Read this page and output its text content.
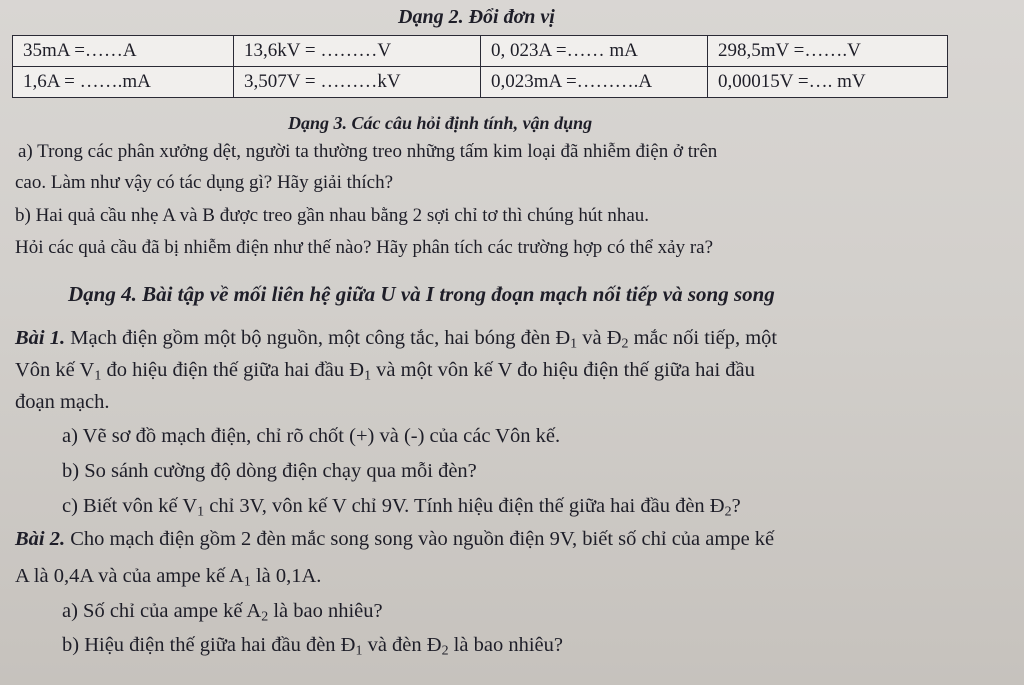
Dạng 2. Đổi đơn vị
35mA =……A	13,6kV = ………V	0, 023A =…… mA	298,5mV =…….V
1,6A = …….mA	3,507V = ………kV	0,023mA =……….A	0,00015V =…. mV
Dạng 3. Các câu hỏi định tính, vận dụng
a) Trong các phân xưởng dệt, người ta thường treo những tấm kim loại đã nhiễm điện ở trên
cao. Làm như vậy có tác dụng gì? Hãy giải thích?
b) Hai quả cầu nhẹ A và B được treo gần nhau bằng 2 sợi chỉ tơ thì chúng hút nhau.
Hỏi các quả cầu đã bị nhiễm điện như thế nào? Hãy phân tích các trường hợp có thể xảy ra?
Dạng 4. Bài tập về mối liên hệ giữa U và I trong đoạn mạch nối tiếp và song song
Bài 1. Mạch điện gồm một bộ nguồn, một công tắc, hai bóng đèn $Đ_1$ và $Đ_2$ mắc nối tiếp, một
Vôn kế $V_1$ đo hiệu điện thế giữa hai đầu $Đ_1$ và một vôn kế V đo hiệu điện thế giữa hai đầu
đoạn mạch.
a) Vẽ sơ đồ mạch điện, chỉ rõ chốt (+) và (-) của các Vôn kế.
b) So sánh cường độ dòng điện chạy qua mỗi đèn?
c) Biết vôn kế $V_1$ chỉ 3V, vôn kế V chỉ 9V. Tính hiệu điện thế giữa hai đầu đèn $Đ_2$?
Bài 2. Cho mạch điện gồm 2 đèn mắc song song vào nguồn điện 9V, biết số chỉ của ampe kế
A là 0,4A và của ampe kế $A_1$ là 0,1A.
a) Số chỉ của ampe kế $A_2$ là bao nhiêu?
b) Hiệu điện thế giữa hai đầu đèn $Đ_1$ và đèn $Đ_2$ là bao nhiêu?
